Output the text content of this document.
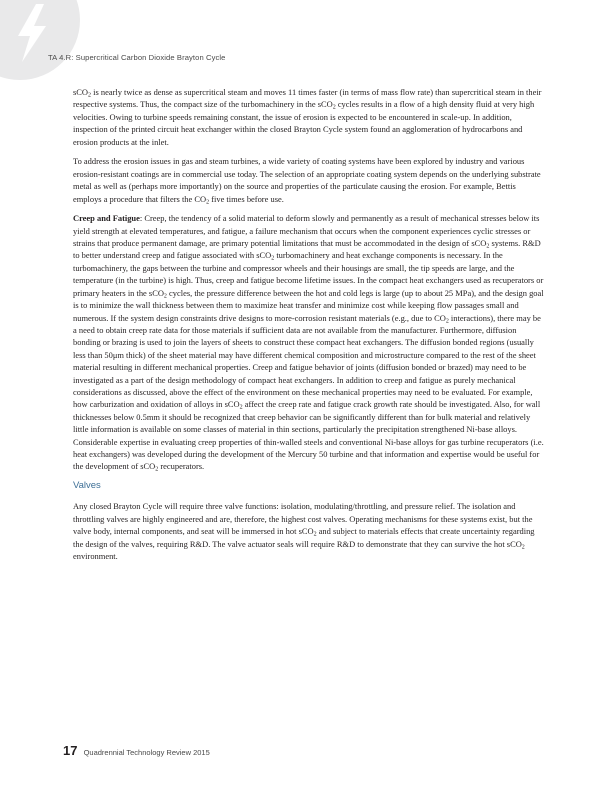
TA 4.R: Supercritical Carbon Dioxide Brayton Cycle

sCO$_2$ is nearly twice as dense as supercritical steam and moves 11 times faster (in terms of mass flow rate) than supercritical steam in their respective systems. Thus, the compact size of the turbomachinery in the sCO$_2$ cycles results in a flow of a high density fluid at very high velocities. Owing to turbine speeds remaining constant, the issue of erosion is expected to be encountered in scale-up. In addition, inspection of the printed circuit heat exchanger within the closed Brayton Cycle system found an agglomeration of hydrocarbons and erosion products at the inlet.

To address the erosion issues in gas and steam turbines, a wide variety of coating systems have been explored by industry and various erosion-resistant coatings are in commercial use today. The selection of an appropriate coating system depends on the underlying substrate metal as well as (perhaps more importantly) on the source and properties of the particulate causing the erosion. For example, Bettis employs a procedure that filters the $CO_2$ five times before use.

Creep and Fatigue: Creep, the tendency of a solid material to deform slowly and permanently as a result of mechanical stresses below its yield strength at elevated temperatures, and fatigue, a failure mechanism that occurs when the component experiences cyclic stresses or strains that produce permanent damage, are primary potential limitations that must be accommodated in the design of sCO$_2$ systems. R&D to better understand creep and fatigue associated with sCO$_2$ turbomachinery and heat exchange components is necessary. In the turbomachinery, the gaps between the turbine and compressor wheels and their housings are small, the tip speeds are large, and the temperature (in the turbine) is high. Thus, creep and fatigue become lifetime issues. In the compact heat exchangers used as recuperators or primary heaters in the sCO$_2$ cycles, the pressure difference between the hot and cold legs is large (up to about 25 MPa), and the design goal is to minimize the wall thickness between them to maximize heat transfer and minimize cost while keeping flow passages small and numerous. If the system design constraints drive designs to more-corrosion resistant materials (e.g., due to $CO_2$ interactions), there may be a need to obtain creep rate data for those materials if sufficient data are not available from the manufacturer. Furthermore, diffusion bonding or brazing is used to join the layers of sheets to construct these compact heat exchangers. The diffusion bonded regions (usually less than 50μm thick) of the sheet material may have different chemical composition and microstructure compared to the rest of the sheet material resulting in different mechanical properties. Creep and fatigue behavior of joints (diffusion bonded or brazed) may need to be investigated as a part of the design methodology of compact heat exchangers. In addition to creep and fatigue as purely mechanical considerations as discussed, above the effect of the environment on these mechanical properties may need to be evaluated. For example, how carburization and oxidation of alloys in sCO$_2$ affect the creep rate and fatigue crack growth rate should be investigated. Also, for wall thicknesses below 0.5mm it should be recognized that creep behavior can be significantly different than for bulk material and relatively little information is available on some classes of material in thin sections, particularly the precipitation strengthened Ni-base alloys. Considerable expertise in evaluating creep properties of thin-walled steels and conventional Ni-base alloys for gas turbine recuperators (i.e. heat exchangers) was developed during the development of the Mercury 50 turbine and that information and expertise would be useful for the development of sCO$_2$ recuperators.

Valves

Any closed Brayton Cycle will require three valve functions: isolation, modulating/throttling, and pressure relief. The isolation and throttling valves are highly engineered and are, therefore, the highest cost valves. Operating mechanisms for these systems exist, but the valve body, internal components, and seat will be immersed in hot sCO$_2$ and subject to materials effects that create uncertainty regarding the design of the valves, requiring R&D. The valve actuator seals will require R&D to demonstrate that they can survive the hot sCO$_2$ environment.

17 Quadrennial Technology Review 2015
